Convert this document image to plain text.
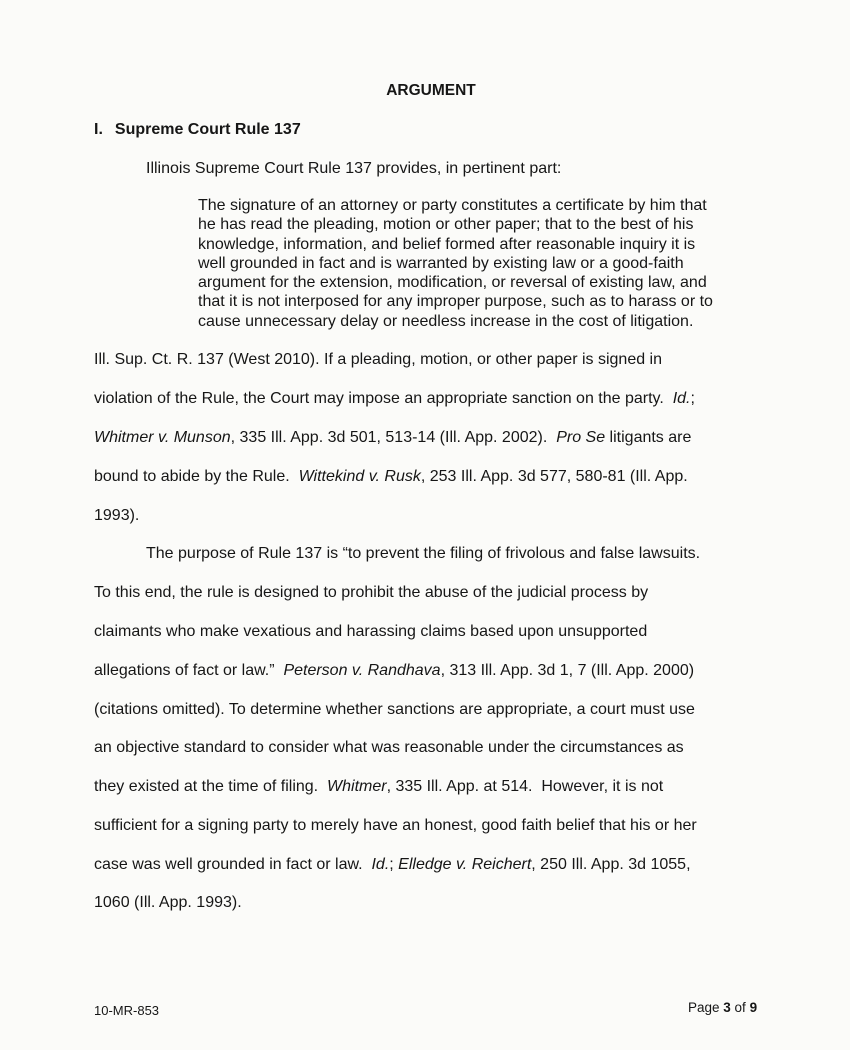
ARGUMENT
I. Supreme Court Rule 137
Illinois Supreme Court Rule 137 provides, in pertinent part:

The signature of an attorney or party constitutes a certificate by him that

he has read the pleading, motion or other paper; that to the best of his

knowledge, information, and belief formed after reasonable inquiry it is

well grounded in fact and is warranted by existing law or a good-faith

argument for the extension, modification, or reversal of existing law, and

that it is not interposed for any improper purpose, such as to harass or to

cause unnecessary delay or needless increase in the cost of litigation.

Ill. Sup. Ct. R. 137 (West 2010). If a pleading, motion, or other paper is signed in

violation of the Rule, the Court may impose an appropriate sanction on the party.  Id.;

Whitmer v. Munson, 335 Ill. App. 3d 501, 513-14 (Ill. App. 2002).  Pro Se litigants are

bound to abide by the Rule.  Wittekind v. Rusk, 253 Ill. App. 3d 577, 580-81 (Ill. App.

1993).

The purpose of Rule 137 is “to prevent the filing of frivolous and false lawsuits.

To this end, the rule is designed to prohibit the abuse of the judicial process by

claimants who make vexatious and harassing claims based upon unsupported

allegations of fact or law.”  Peterson v. Randhava, 313 Ill. App. 3d 1, 7 (Ill. App. 2000)

(citations omitted). To determine whether sanctions are appropriate, a court must use

an objective standard to consider what was reasonable under the circumstances as

they existed at the time of filing.  Whitmer, 335 Ill. App. at 514.  However, it is not

sufficient for a signing party to merely have an honest, good faith belief that his or her

case was well grounded in fact or law.  Id.; Elledge v. Reichert, 250 Ill. App. 3d 1055,

1060 (Ill. App. 1993).

10-MR-853	Page 3 of 9
